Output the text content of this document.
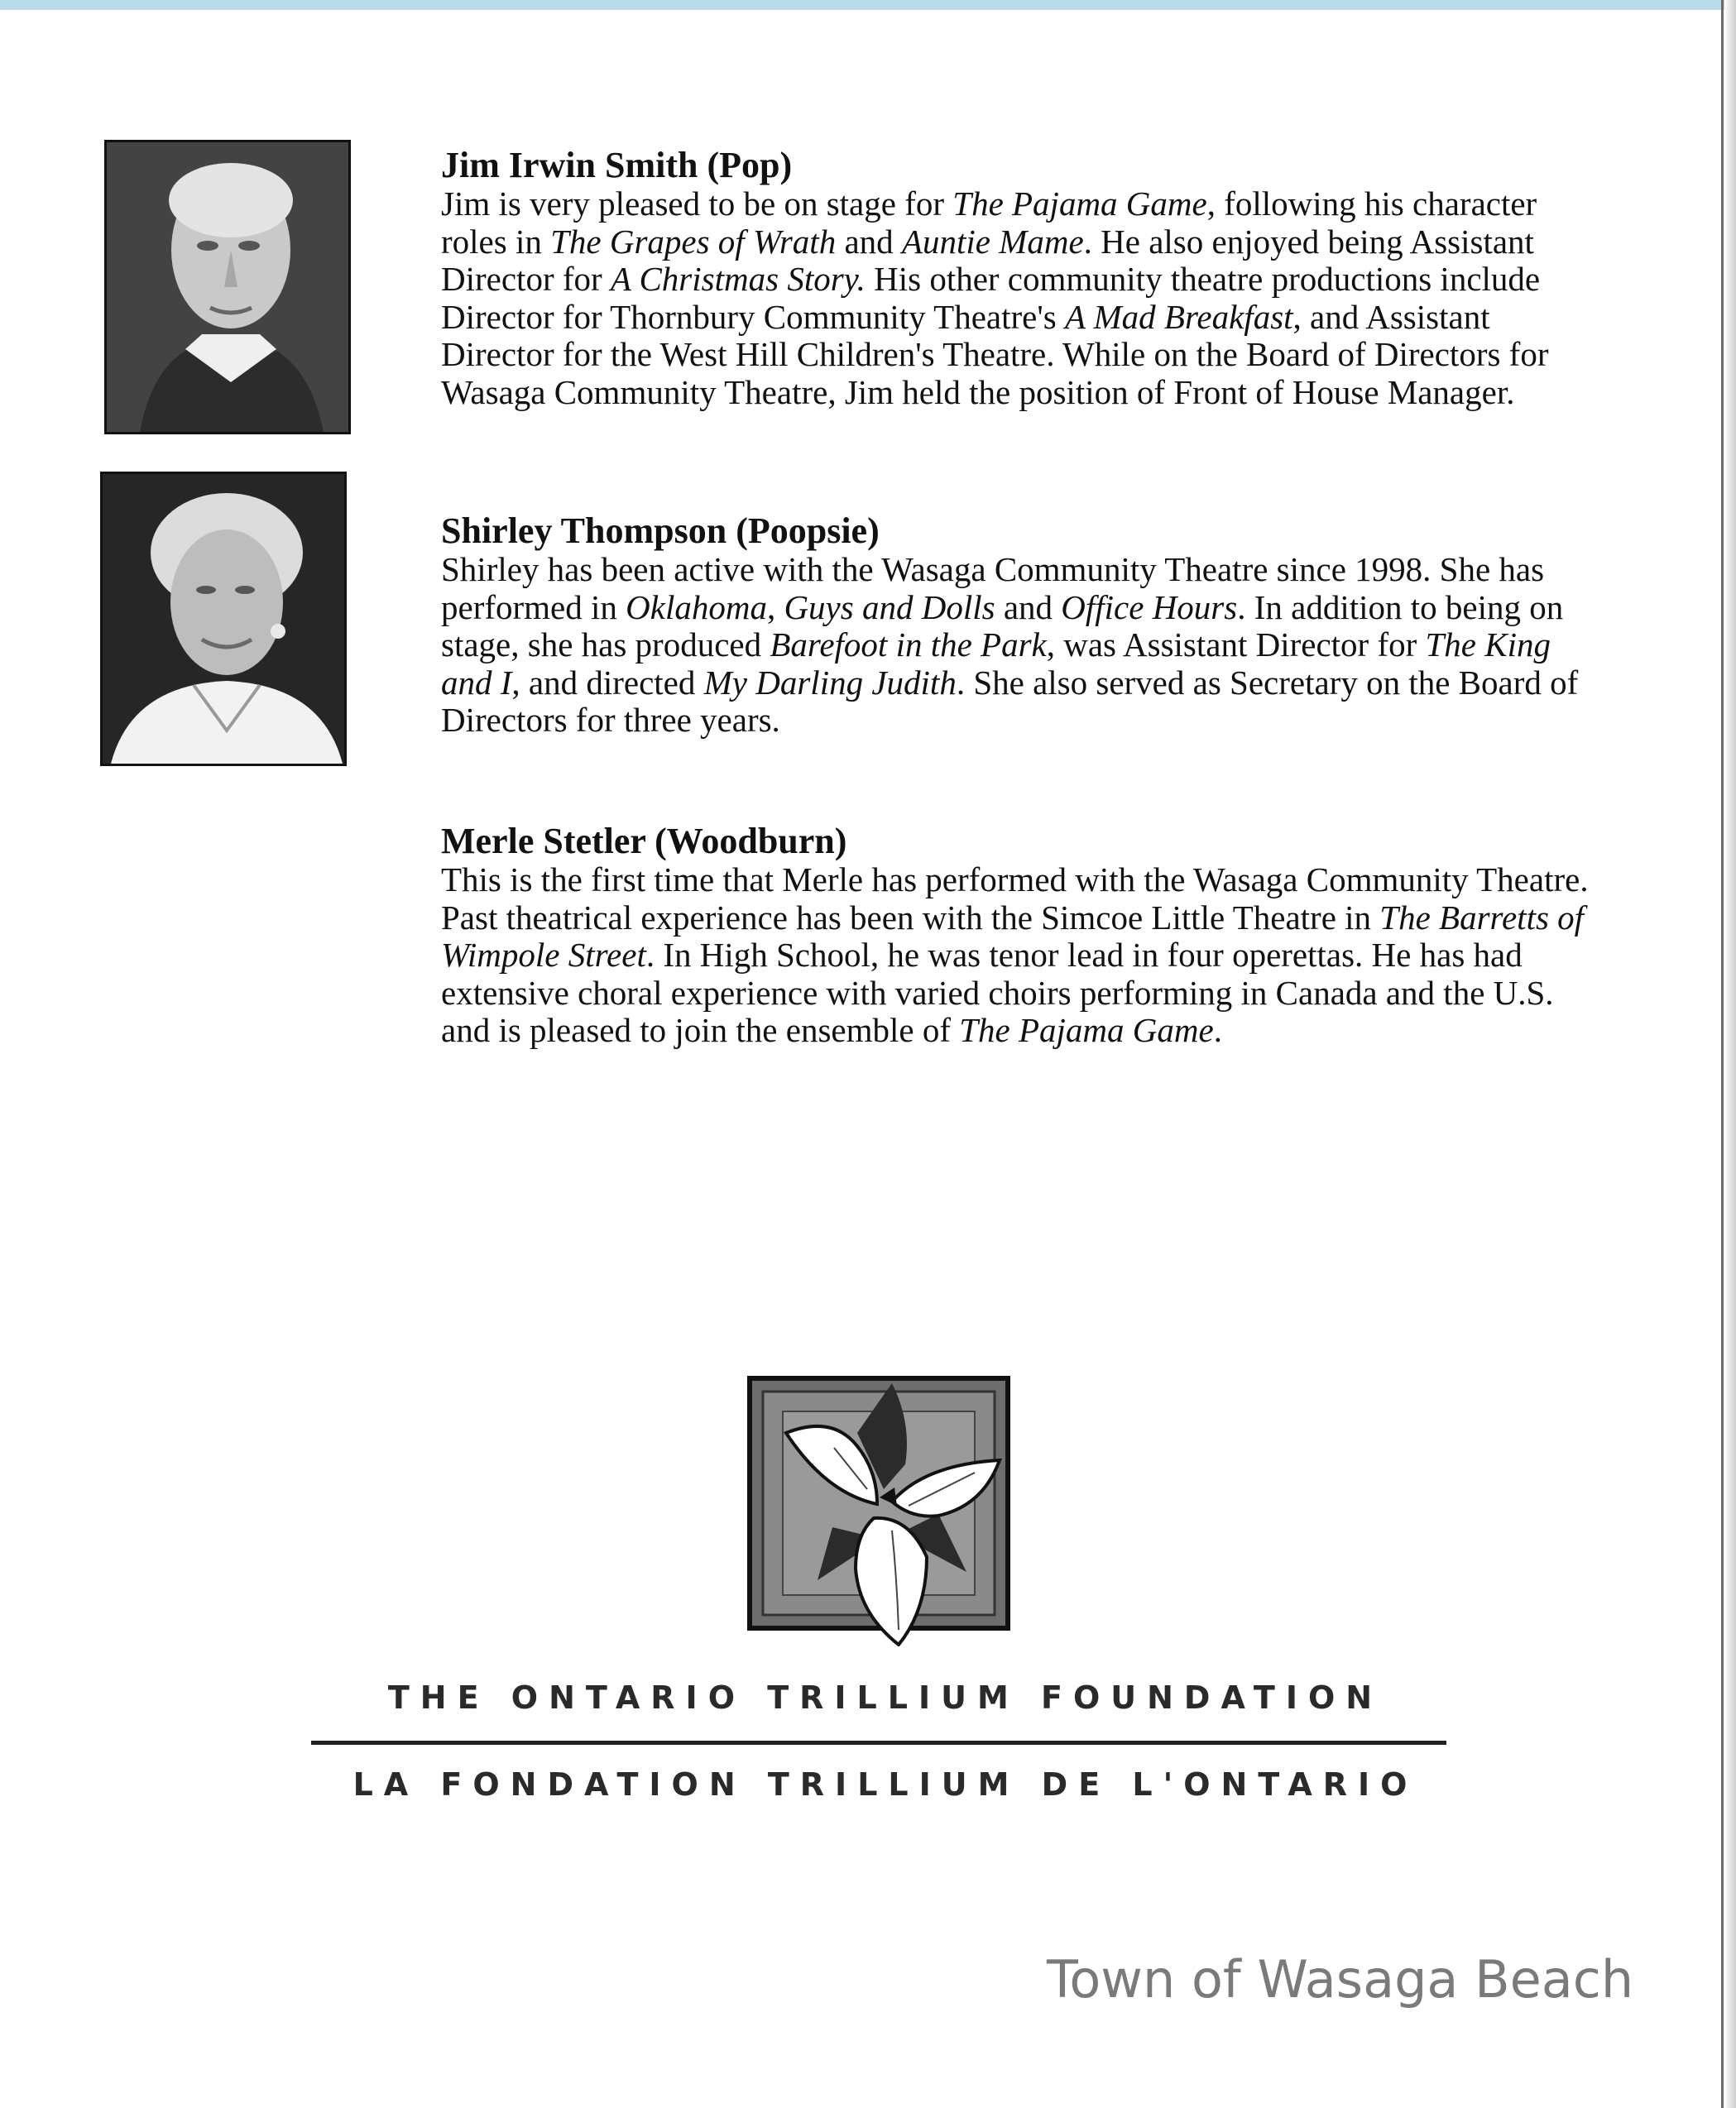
Jim Irwin Smith (Pop)

Jim is very pleased to be on stage for The Pajama Game, following his character roles in The Grapes of Wrath and Auntie Mame. He also enjoyed being Assistant Director for A Christmas Story. His other community theatre productions include Director for Thornbury Community Theatre's A Mad Breakfast, and Assistant Director for the West Hill Children's Theatre. While on the Board of Directors for Wasaga Community Theatre, Jim held the position of Front of House Manager.

Shirley Thompson (Poopsie)

Shirley has been active with the Wasaga Community Theatre since 1998. She has performed in Oklahoma, Guys and Dolls and Office Hours. In addition to being on stage, she has produced Barefoot in the Park, was Assistant Director for The King and I, and directed My Darling Judith. She also served as Secretary on the Board of Directors for three years.

Merle Stetler (Woodburn)

This is the first time that Merle has performed with the Wasaga Community Theatre. Past theatrical experience has been with the Simcoe Little Theatre in The Barretts of Wimpole Street. In High School, he was tenor lead in four operettas. He has had extensive choral experience with varied choirs performing in Canada and the U.S. and is pleased to join the ensemble of The Pajama Game.

THE ONTARIO TRILLIUM FOUNDATION
LA FONDATION TRILLIUM DE L'ONTARIO
Town of Wasaga Beach
